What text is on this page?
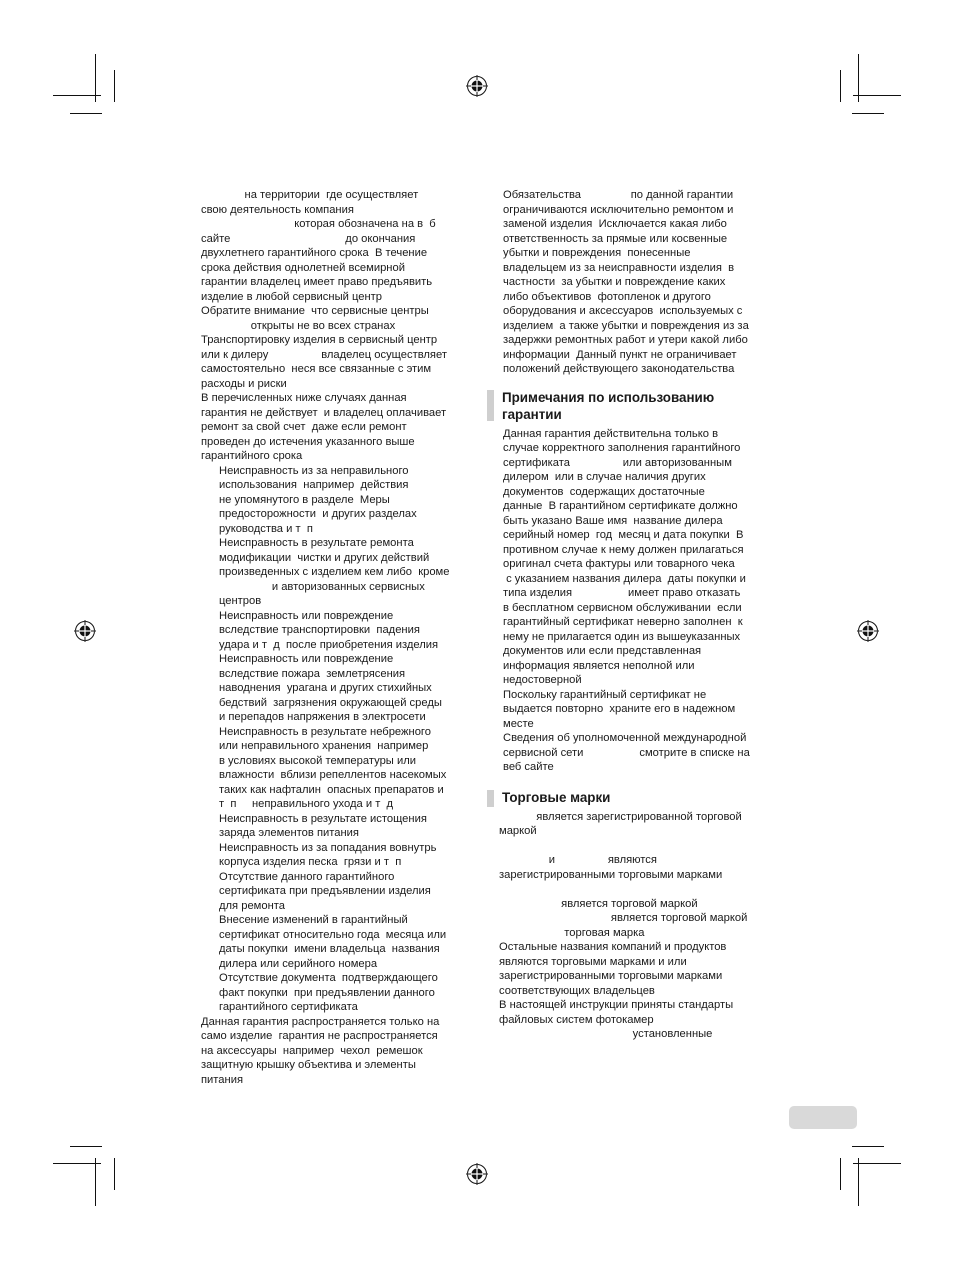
на территории  где осуществляет
свою деятельность компания
которая обозначена на в  б
сайте                                     до окончания
двухлетнего гарантийного срока  В течение
срока действия однолетней всемирной
гарантии владелец имеет право предъявить
изделие в любой сервисный центр
Обратите внимание  что сервисные центры
открыты не во всех странах
Транспортировку изделия в сервисный центр
или к дилеру                 владелец осуществляет
самостоятельно  неся все связанные с этим
расходы и риски
В перечисленных ниже случаях данная
гарантия не действует  и владелец оплачивает
ремонт за свой счет  даже если ремонт
проведен до истечения указанного выше
гарантийного срока
Неисправность из за неправильного
использования  например  действия
не упомянутого в разделе  Меры
предосторожности  и других разделах
руководства и т  п
Неисправность в результате ремонта
модификации  чистки и других действий
произведенных с изделием кем либо  кроме
и авторизованных сервисных
центров
Неисправность или повреждение
вследствие транспортировки  падения
удара и т  д  после приобретения изделия
Неисправность или повреждение
вследствие пожара  землетрясения
наводнения  урагана и других стихийных
бедствий  загрязнения окружающей среды
и перепадов напряжения в электросети
Неисправность в результате небрежного
или неправильного хранения  например
в условиях высокой температуры или
влажности  вблизи репеллентов насекомых
таких как нафталин  опасных препаратов и
т  п     неправильного ухода и т  д
Неисправность в результате истощения
заряда элементов питания
Неисправность из за попадания вовнутрь
корпуса изделия песка  грязи и т  п
Отсутствие данного гарантийного
сертификата при предъявлении изделия
для ремонта
Внесение изменений в гарантийный
сертификат относительно года  месяца или
даты покупки  имени владельца  названия
дилера или серийного номера
Отсутствие документа  подтверждающего
факт покупки  при предъявлении данного
гарантийного сертификата
Данная гарантия распространяется только на
само изделие  гарантия не распространяется
на аксессуары  например  чехол  ремешок
защитную крышку объектива и элементы
питания
Обязательства                по данной гарантии
ограничиваются исключительно ремонтом и
заменой изделия  Исключается какая либо
ответственность за прямые или косвенные
убытки и повреждения  понесенные
владельцем из за неисправности изделия  в
частности  за убытки и повреждение каких
либо объективов  фотопленок и другого
оборудования и аксессуаров  используемых с
изделием  а также убытки и повреждения из за
задержки ремонтных работ и утери какой либо
информации  Данный пункт не ограничивает
положений действующего законодательства
Примечания по использованию
гарантии
Данная гарантия действительна только в
случае корректного заполнения гарантийного
сертификата                 или авторизованным
дилером  или в случае наличия других
документов  содержащих достаточные
данные  В гарантийном сертификате должно
быть указано Ваше имя  название дилера
серийный номер  год  месяц и дата покупки  В
противном случае к нему должен прилагаться
оригинал счета фактуры или товарного чека
с указанием названия дилера  даты покупки и
типа изделия                  имеет право отказать
в бесплатном сервисном обслуживании  если
гарантийный сертификат неверно заполнен  к
нему не прилагается один из вышеуказанных
документов или если представленная
информация является неполной или
недостоверной
Поскольку гарантийный сертификат не
выдается повторно  храните его в надежном
месте
Сведения об уполномоченной международной
сервисной сети                  смотрите в списке на
веб сайте
Торговые марки
является зарегистрированной торговой
маркой

и                 являются
зарегистрированными торговыми марками

является торговой маркой
является торговой маркой
торговая марка
Остальные названия компаний и продуктов
являются торговыми марками и или
зарегистрированными торговыми марками
соответствующих владельцев
В настоящей инструкции приняты стандарты
файловых систем фотокамер
установленные
